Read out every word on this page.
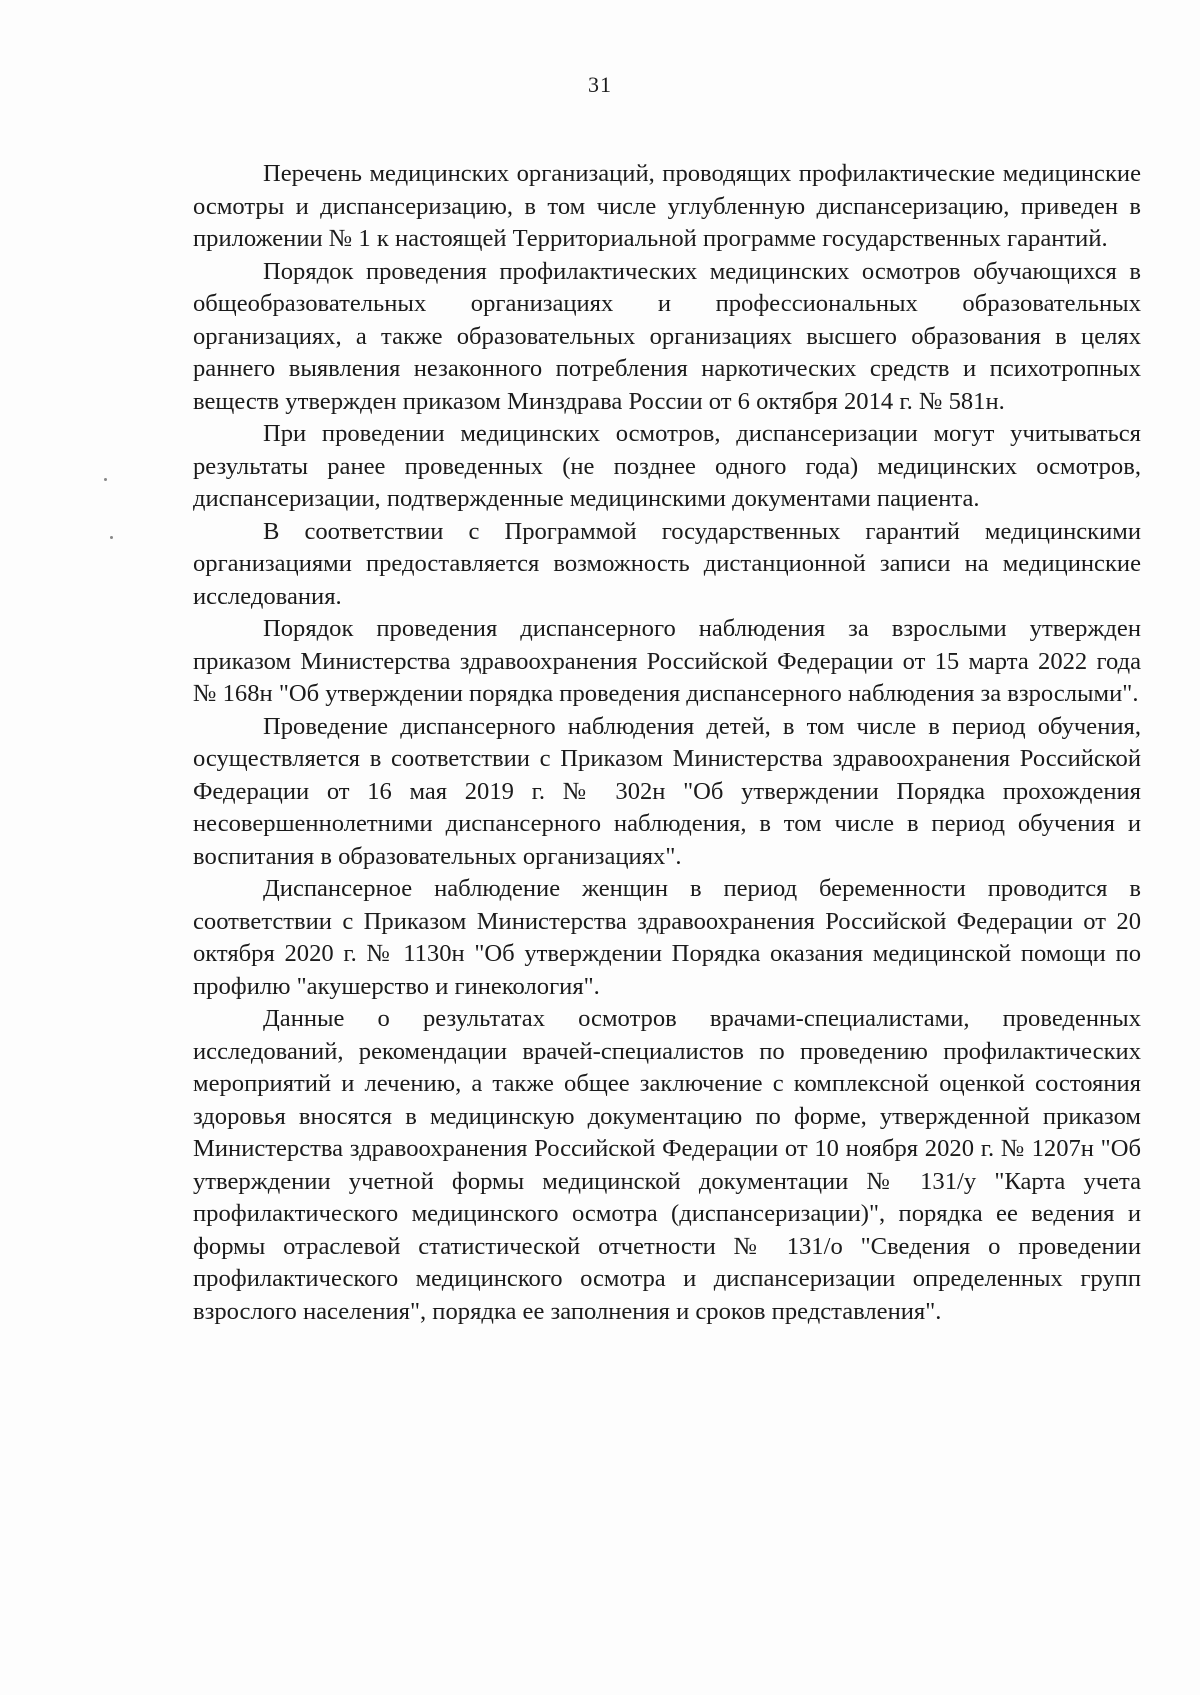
31

Перечень медицинских организаций, проводящих профилактические медицинские осмотры и диспансеризацию, в том числе углубленную диспансеризацию, приведен в приложении № 1 к настоящей Территориальной программе государственных гарантий.

Порядок проведения профилактических медицинских осмотров обучающихся в общеобразовательных организациях и профессиональных образовательных организациях, а также образовательных организациях высшего образования в целях раннего выявления незаконного потребления наркотических средств и психотропных веществ утвержден приказом Минздрава России от 6 октября 2014 г. № 581н.

При проведении медицинских осмотров, диспансеризации могут учитываться результаты ранее проведенных (не позднее одного года) медицинских осмотров, диспансеризации, подтвержденные медицинскими документами пациента.

В соответствии с Программой государственных гарантий медицинскими организациями предоставляется возможность дистанционной записи на медицинские исследования.

Порядок проведения диспансерного наблюдения за взрослыми утвержден приказом Министерства здравоохранения Российской Федерации от 15 марта 2022 года № 168н "Об утверждении порядка проведения диспансерного наблюдения за взрослыми".

Проведение диспансерного наблюдения детей, в том числе в период обучения, осуществляется в соответствии с Приказом Министерства здравоохранения Российской Федерации от 16 мая 2019 г. № 302н "Об утверждении Порядка прохождения несовершеннолетними диспансерного наблюдения, в том числе в период обучения и воспитания в образовательных организациях".

Диспансерное наблюдение женщин в период беременности проводится в соответствии с Приказом Министерства здравоохранения Российской Федерации от 20 октября 2020 г. № 1130н "Об утверждении Порядка оказания медицинской помощи по профилю "акушерство и гинекология".

Данные о результатах осмотров врачами-специалистами, проведенных исследований, рекомендации врачей-специалистов по проведению профилактических мероприятий и лечению, а также общее заключение с комплексной оценкой состояния здоровья вносятся в медицинскую документацию по форме, утвержденной приказом Министерства здравоохранения Российской Федерации от 10 ноября 2020 г. № 1207н "Об утверждении учетной формы медицинской документации № 131/у "Карта учета профилактического медицинского осмотра (диспансеризации)", порядка ее ведения и формы отраслевой статистической отчетности № 131/о "Сведения о проведении профилактического медицинского осмотра и диспансеризации определенных групп взрослого населения", порядка ее заполнения и сроков представления".
